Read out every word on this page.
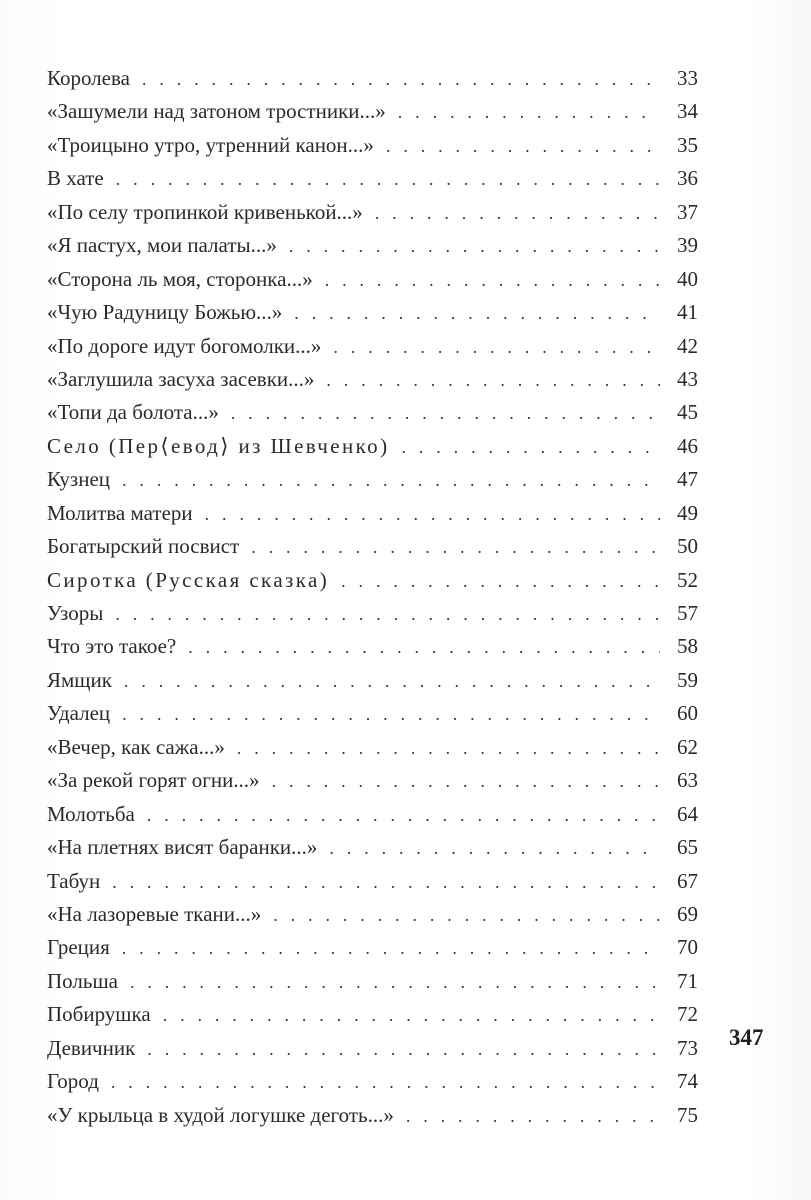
Королева . . .	33
«Зашумели над затоном тростники...» . . .	34
«Троицыно утро, утренний канон...» . . .	35
В хате . . .	36
«По селу тропинкой кривенькой...» . . .	37
«Я пастух, мои палаты...» . . .	39
«Сторона ль моя, сторонка...» . . .	40
«Чую Радуницу Божью...» . . .	41
«По дороге идут богомолки...» . . .	42
«Заглушила засуха засевки...» . . .	43
«Топи да болота...» . . .	45
Село (Пер⟨евод⟩ из Шевченко) . . .	46
Кузнец . . .	47
Молитва матери . . .	49
Богатырский посвист . . .	50
Сиротка (Русская сказка) . . .	52
Узоры . . .	57
Что это такое? . . .	58
Ямщик . . .	59
Удалец . . .	60
«Вечер, как сажа...» . . .	62
«За рекой горят огни...» . . .	63
Молотьба . . .	64
«На плетнях висят баранки...» . . .	65
Табун . . .	67
«На лазоревые ткани...» . . .	69
Греция . . .	70
Польша . . .	71
Побирушка . . .	72
Девичник . . .	73
Город . . .	74
«У крыльца в худой логушке деготь...» . . .	75
347
